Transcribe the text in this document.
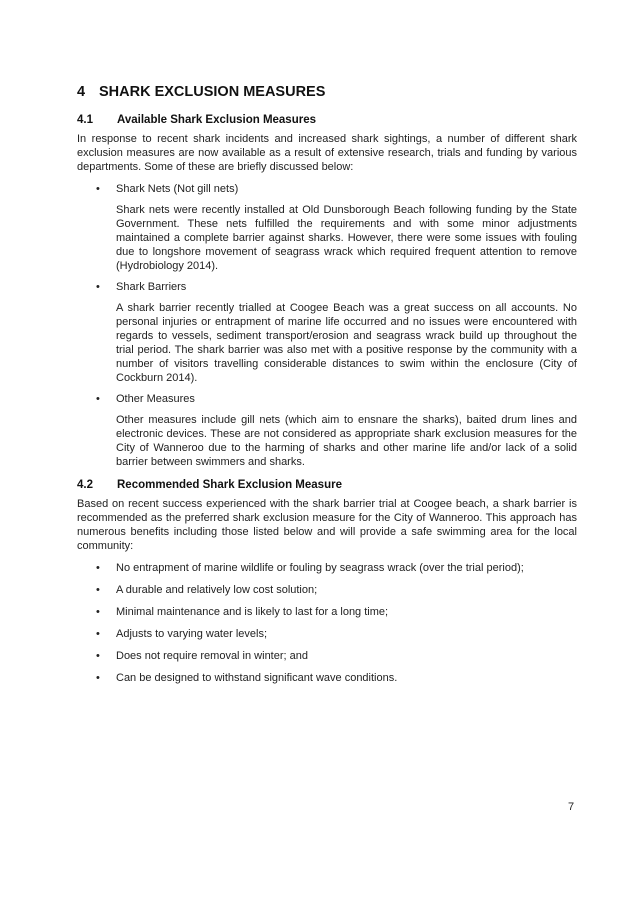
4 SHARK EXCLUSION MEASURES
4.1 Available Shark Exclusion Measures

In response to recent shark incidents and increased shark sightings, a number of different shark exclusion measures are now available as a result of extensive research, trials and funding by various departments. Some of these are briefly discussed below:

• Shark Nets (Not gill nets)

Shark nets were recently installed at Old Dunsborough Beach following funding by the State Government. These nets fulfilled the requirements and with some minor adjustments maintained a complete barrier against sharks. However, there were some issues with fouling due to longshore movement of seagrass wrack which required frequent attention to remove (Hydrobiology 2014).

• Shark Barriers

A shark barrier recently trialled at Coogee Beach was a great success on all accounts. No personal injuries or entrapment of marine life occurred and no issues were encountered with regards to vessels, sediment transport/erosion and seagrass wrack build up throughout the trial period. The shark barrier was also met with a positive response by the community with a number of visitors travelling considerable distances to swim within the enclosure (City of Cockburn 2014).

• Other Measures

Other measures include gill nets (which aim to ensnare the sharks), baited drum lines and electronic devices. These are not considered as appropriate shark exclusion measures for the City of Wanneroo due to the harming of sharks and other marine life and/or lack of a solid barrier between swimmers and sharks.

4.2 Recommended Shark Exclusion Measure

Based on recent success experienced with the shark barrier trial at Coogee beach, a shark barrier is recommended as the preferred shark exclusion measure for the City of Wanneroo. This approach has numerous benefits including those listed below and will provide a safe swimming area for the local community:

• No entrapment of marine wildlife or fouling by seagrass wrack (over the trial period);
• A durable and relatively low cost solution;
• Minimal maintenance and is likely to last for a long time;
• Adjusts to varying water levels;
• Does not require removal in winter; and
• Can be designed to withstand significant wave conditions.
7
